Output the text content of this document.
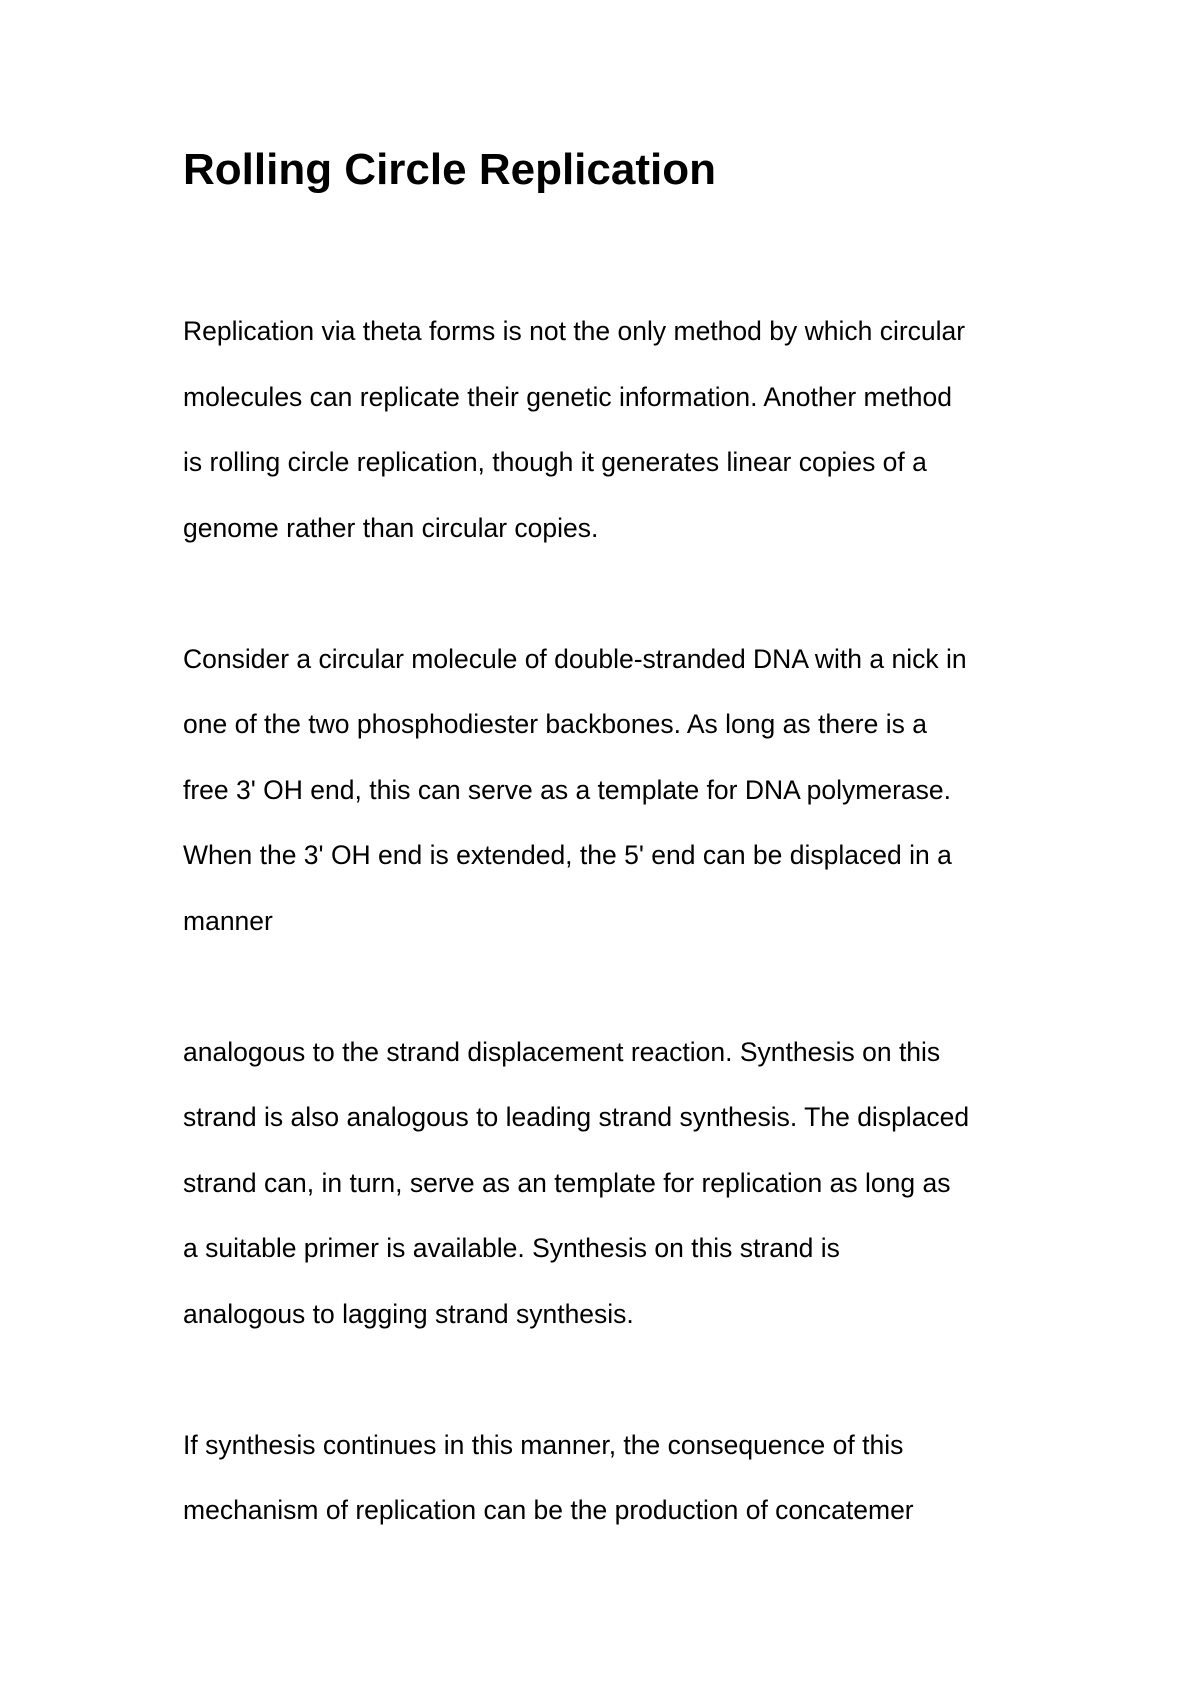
Rolling Circle Replication

Replication via theta forms is not the only method by which circular

molecules can replicate their genetic information. Another method

is rolling circle replication, though it generates linear copies of a

genome rather than circular copies.

Consider a circular molecule of double-stranded DNA with a nick in

one of the two phosphodiester backbones. As long as there is a

free 3' OH end, this can serve as a template for DNA polymerase.

When the 3' OH end is extended, the 5' end can be displaced in a

manner

analogous to the strand displacement reaction. Synthesis on this

strand is also analogous to leading strand synthesis. The displaced

strand can, in turn, serve as an template for replication as long as

a suitable primer is available. Synthesis on this strand is

analogous to lagging strand synthesis.

If synthesis continues in this manner, the consequence of this

mechanism of replication can be the production of concatemer
